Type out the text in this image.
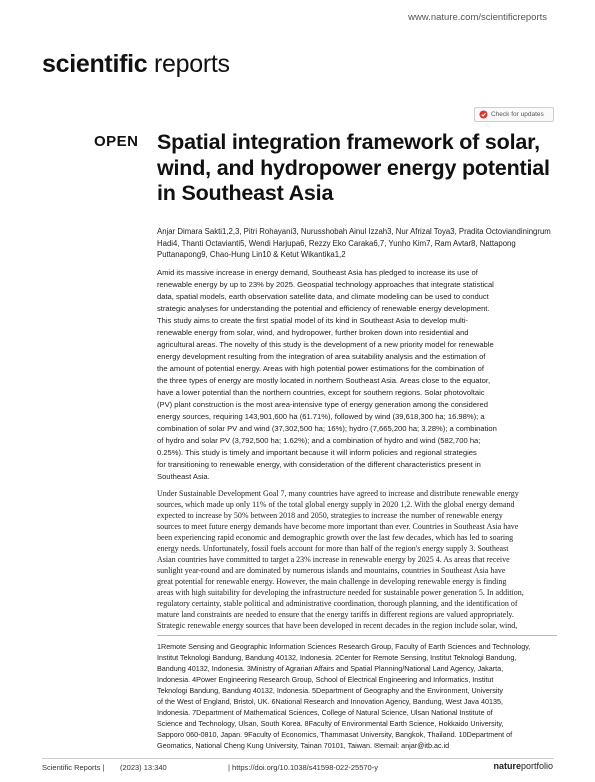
www.nature.com/scientificreports
scientific reports
Check for updates
OPEN Spatial integration framework of solar, wind, and hydropower energy potential in Southeast Asia

Anjar Dimara Sakti1,2,3, Pitri Rohayani3, Nurusshobah Ainul Izzah3, Nur Afrizal Toya3, Pradita Octoviandiningrum Hadi4, Thanti Octavianti5, Wendi Harjupa6, Rezzy Eko Caraka6,7, Yunho Kim7, Ram Avtar8, Nattapong Puttanapong9, Chao-Hung Lin10 & Ketut Wikantika1,2

Amid its massive increase in energy demand, Southeast Asia has pledged to increase its use of
renewable energy by up to 23% by 2025. Geospatial technology approaches that integrate statistical
data, spatial models, earth observation satellite data, and climate modeling can be used to conduct
strategic analyses for understanding the potential and efficiency of renewable energy development.
This study aims to create the first spatial model of its kind in Southeast Asia to develop multi-
renewable energy from solar, wind, and hydropower, further broken down into residential and
agricultural areas. The novelty of this study is the development of a new priority model for renewable
energy development resulting from the integration of area suitability analysis and the estimation of
the amount of potential energy. Areas with high potential power estimations for the combination of
the three types of energy are mostly located in northern Southeast Asia. Areas close to the equator,
have a lower potential than the northern countries, except for southern regions. Solar photovoltaic
(PV) plant construction is the most area-intensive type of energy generation among the considered
energy sources, requiring 143,901,600 ha (61.71%), followed by wind (39,618,300 ha; 16.98%); a
combination of solar PV and wind (37,302,500 ha; 16%); hydro (7,665,200 ha; 3.28%); a combination
of hydro and solar PV (3,792,500 ha; 1.62%); and a combination of hydro and wind (582,700 ha;
0.25%). This study is timely and important because it will inform policies and regional strategies
for transitioning to renewable energy, with consideration of the different characteristics present in
Southeast Asia.
Under Sustainable Development Goal 7, many countries have agreed to increase and distribute renewable energy
sources, which made up only 11% of the total global energy supply in 2020 1,2. With the global energy demand
expected to increase by 50% between 2018 and 2050, strategies to increase the number of renewable energy
sources to meet future energy demands have become more important than ever. Countries in Southeast Asia have
been experiencing rapid economic and demographic growth over the last few decades, which has led to soaring
energy needs. Unfortunately, fossil fuels account for more than half of the region's energy supply 3. Southeast
Asian countries have committed to target a 23% increase in renewable energy by 2025 4. As areas that receive
sunlight year-round and are dominated by numerous islands and mountains, countries in Southeast Asia have
great potential for renewable energy. However, the main challenge in developing renewable energy is finding
areas with high suitability for developing the infrastructure needed for sustainable power generation 5. In addition,
regulatory certainty, stable political and administrative coordination, thorough planning, and the identification of
mature land constraints are needed to ensure that the energy tariffs in different regions are valued appropriately.
Strategic renewable energy sources that have been developed in recent decades in the region include solar, wind,
1Remote Sensing and Geographic Information Sciences Research Group, Faculty of Earth Sciences and Technology,
Institut Teknologi Bandung, Bandung 40132, Indonesia. 2Center for Remote Sensing, Institut Teknologi Bandung,
Bandung 40132, Indonesia. 3Ministry of Agrarian Affairs and Spatial Planning/National Land Agency, Jakarta,
Indonesia. 4Power Engineering Research Group, School of Electrical Engineering and Informatics, Institut
Teknologi Bandung, Bandung 40132, Indonesia. 5Department of Geography and the Environment, University
of the West of England, Bristol, UK. 6National Research and Innovation Agency, Bandung, West Java 40135,
Indonesia. 7Department of Mathematical Sciences, College of Natural Science, Ulsan National Institute of
Science and Technology, Ulsan, South Korea. 8Faculty of Environmental Earth Science, Hokkaido University,
Sapporo 060-0810, Japan. 9Faculty of Economics, Thammasat University, Bangkok, Thailand. 10Department of
Geomatics, National Cheng Kung University, Tainan 70101, Taiwan. ✉email: anjar@itb.ac.id
Scientific Reports | (2023) 13:340	| https://doi.org/10.1038/s41598-022-25570-y	natureportfolio
